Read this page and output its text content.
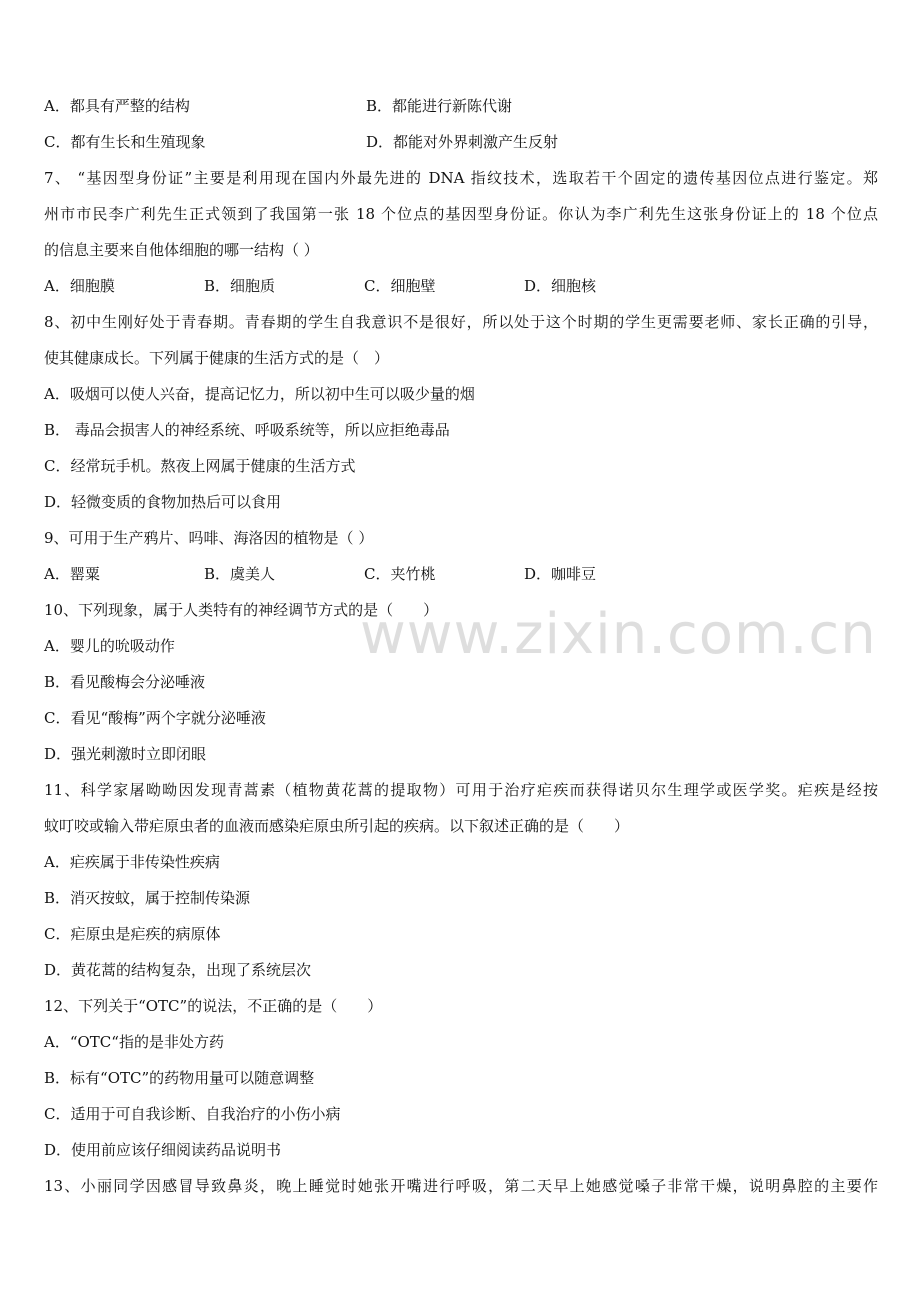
A．都具有严整的结构	B．都能进行新陈代谢
C．都有生长和生殖现象	D．都能对外界刺激产生反射
7、 “基因型身份证”主要是利用现在国内外最先进的 DNA 指纹技术，选取若干个固定的遗传基因位点进行鉴定。郑
州市市民李广利先生正式领到了我国第一张 18 个位点的基因型身份证。你认为李广利先生这张身份证上的 18 个位点
的信息主要来自他体细胞的哪一结构（ ）
A．细胞膜	B．细胞质	C．细胞壁	D．细胞核
8、初中生刚好处于青春期。青春期的学生自我意识不是很好，所以处于这个时期的学生更需要老师、家长正确的引导，
使其健康成长。下列属于健康的生活方式的是（　）
A．吸烟可以使人兴奋，提高记忆力，所以初中生可以吸少量的烟
B． 毒品会损害人的神经系统、呼吸系统等，所以应拒绝毒品
C．经常玩手机。熬夜上网属于健康的生活方式
D．轻微变质的食物加热后可以食用
9、可用于生产鸦片、吗啡、海洛因的植物是（ ）
A．罂粟	B．虞美人	C．夹竹桃	D．咖啡豆
10、下列现象，属于人类特有的神经调节方式的是（　　）
A．婴儿的吮吸动作
B．看见酸梅会分泌唾液
C．看见“酸梅”两个字就分泌唾液
D．强光刺激时立即闭眼
11、科学家屠呦呦因发现青蒿素（植物黄花蒿的提取物）可用于治疗疟疾而获得诺贝尔生理学或医学奖。疟疾是经按
蚊叮咬或输入带疟原虫者的血液而感染疟原虫所引起的疾病。以下叙述正确的是（　　）
A．疟疾属于非传染性疾病
B．消灭按蚊，属于控制传染源
C．疟原虫是疟疾的病原体
D．黄花蒿的结构复杂，出现了系统层次
12、下列关于“OTC”的说法，不正确的是（　　）
A．“OTC“指的是非处方药
B．标有“OTC”的药物用量可以随意调整
C．适用于可自我诊断、自我治疗的小伤小病
D．使用前应该仔细阅读药品说明书
13、小丽同学因感冒导致鼻炎，晚上睡觉时她张开嘴进行呼吸，第二天早上她感觉嗓子非常干燥，说明鼻腔的主要作
www.zixin.com.cn
